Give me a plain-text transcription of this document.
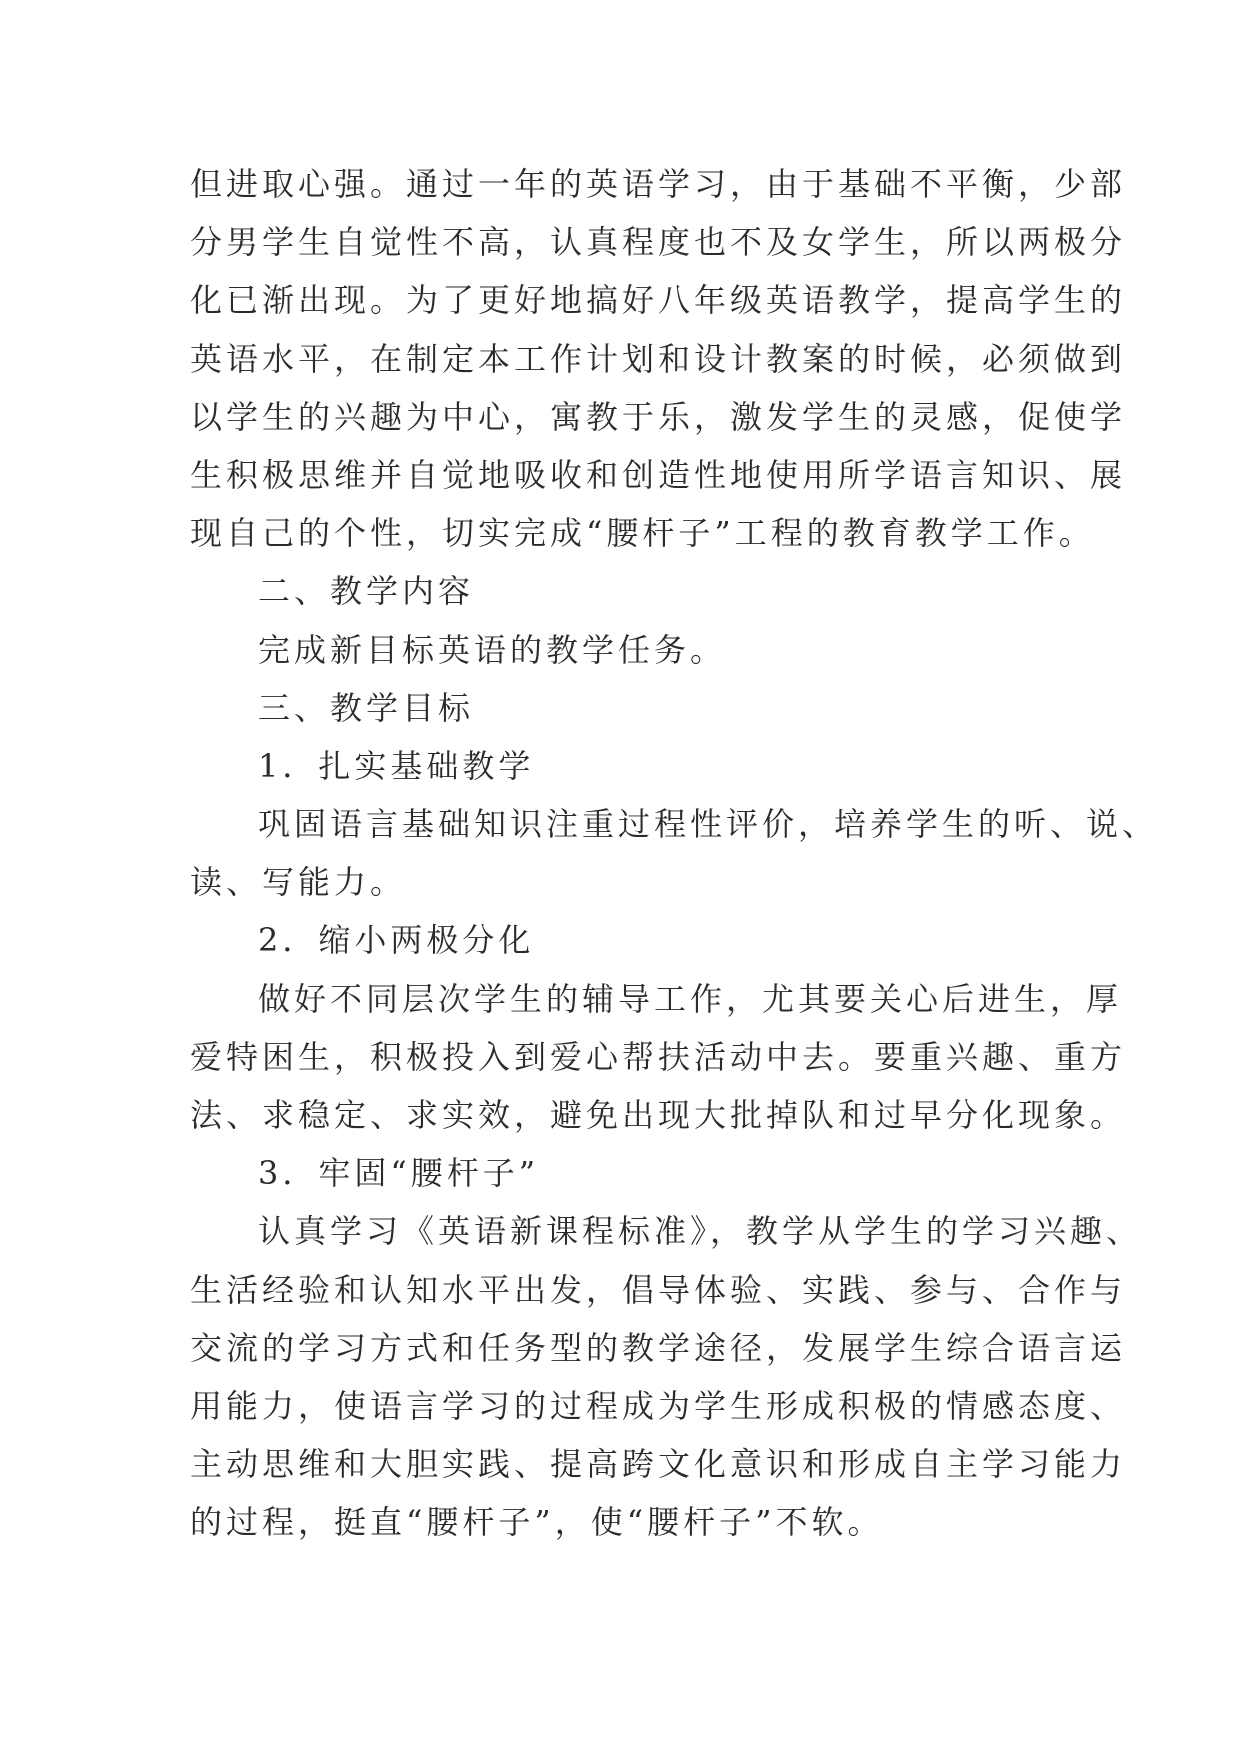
但进取心强。通过一年的英语学习，由于基础不平衡，少部
分男学生自觉性不高，认真程度也不及女学生，所以两极分
化已渐出现。为了更好地搞好八年级英语教学，提高学生的
英语水平，在制定本工作计划和设计教案的时候，必须做到
以学生的兴趣为中心，寓教于乐，激发学生的灵感，促使学
生积极思维并自觉地吸收和创造性地使用所学语言知识、展
现自己的个性，切实完成“腰杆子”工程的教育教学工作。
二、教学内容
完成新目标英语的教学任务。
三、教学目标
1．扎实基础教学
巩固语言基础知识注重过程性评价，培养学生的听、说、
读、写能力。
2．缩小两极分化
做好不同层次学生的辅导工作，尤其要关心后进生，厚
爱特困生，积极投入到爱心帮扶活动中去。要重兴趣、重方
法、求稳定、求实效，避免出现大批掉队和过早分化现象。
3．牢固“腰杆子”
认真学习《英语新课程标准》，教学从学生的学习兴趣、
生活经验和认知水平出发，倡导体验、实践、参与、合作与
交流的学习方式和任务型的教学途径，发展学生综合语言运
用能力，使语言学习的过程成为学生形成积极的情感态度、
主动思维和大胆实践、提高跨文化意识和形成自主学习能力
的过程，挺直“腰杆子”，使“腰杆子”不软。
